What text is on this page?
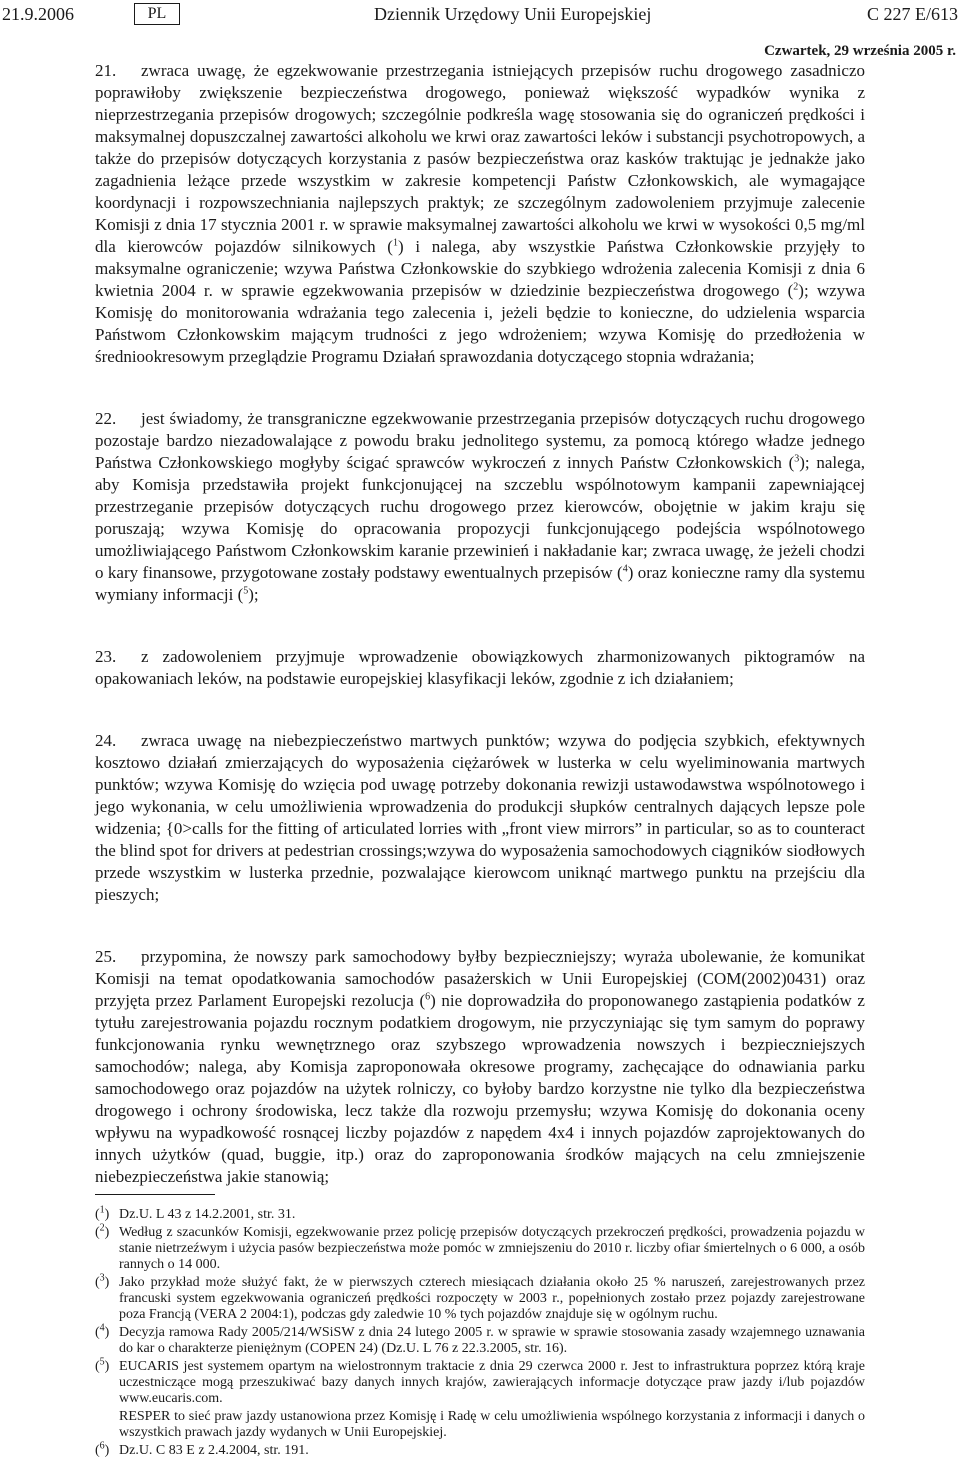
21.9.2006	PL	Dziennik Urzędowy Unii Europejskiej	C 227 E/613
Czwartek, 29 września 2005 r.

21. zwraca uwagę, że egzekwowanie przestrzegania istniejących przepisów ruchu drogowego zasadniczo poprawiłoby zwiększenie bezpieczeństwa drogowego, ponieważ większość wypadków wynika z nieprzestrzegania przepisów drogowych; szczególnie podkreśla wagę stosowania się do ograniczeń prędkości i maksymalnej dopuszczalnej zawartości alkoholu we krwi oraz zawartości leków i substancji psychotropowych, a także do przepisów dotyczących korzystania z pasów bezpieczeństwa oraz kasków traktując je jednakże jako zagadnienia leżące przede wszystkim w zakresie kompetencji Państw Członkowskich, ale wymagające koordynacji i rozpowszechniania najlepszych praktyk; ze szczególnym zadowoleniem przyjmuje zalecenie Komisji z dnia 17 stycznia 2001 r. w sprawie maksymalnej zawartości alkoholu we krwi w wysokości 0,5 mg/ml dla kierowców pojazdów silnikowych ($^1$) i nalega, aby wszystkie Państwa Członkowskie przyjęły to maksymalne ograniczenie; wzywa Państwa Członkowskie do szybkiego wdrożenia zalecenia Komisji z dnia 6 kwietnia 2004 r. w sprawie egzekwowania przepisów w dziedzinie bezpieczeństwa drogowego ($^2$); wzywa Komisję do monitorowania wdrażania tego zalecenia i, jeżeli będzie to konieczne, do udzielenia wsparcia Państwom Członkowskim mającym trudności z jego wdrożeniem; wzywa Komisję do przedłożenia w średniookresowym przeglądzie Programu Działań sprawozdania dotyczącego stopnia wdrażania;

22. jest świadomy, że transgraniczne egzekwowanie przestrzegania przepisów dotyczących ruchu drogowego pozostaje bardzo niezadowalające z powodu braku jednolitego systemu, za pomocą którego władze jednego Państwa Członkowskiego mogłyby ścigać sprawców wykroczeń z innych Państw Członkowskich ($^3$); nalega, aby Komisja przedstawiła projekt funkcjonującej na szczeblu wspólnotowym kampanii zapewniającej przestrzeganie przepisów dotyczących ruchu drogowego przez kierowców, obojętnie w jakim kraju się poruszają; wzywa Komisję do opracowania propozycji funkcjonującego podejścia wspólnotowego umożliwiającego Państwom Członkowskim karanie przewinień i nakładanie kar; zwraca uwagę, że jeżeli chodzi o kary finansowe, przygotowane zostały podstawy ewentualnych przepisów ($^4$) oraz konieczne ramy dla systemu wymiany informacji ($^5$);

23. z zadowoleniem przyjmuje wprowadzenie obowiązkowych zharmonizowanych piktogramów na opakowaniach leków, na podstawie europejskiej klasyfikacji leków, zgodnie z ich działaniem;

24. zwraca uwagę na niebezpieczeństwo martwych punktów; wzywa do podjęcia szybkich, efektywnych kosztowo działań zmierzających do wyposażenia ciężarówek w lusterka w celu wyeliminowania martwych punktów; wzywa Komisję do wzięcia pod uwagę potrzeby dokonania rewizji ustawodawstwa wspólnotowego i jego wykonania, w celu umożliwienia wprowadzenia do produkcji słupków centralnych dających lepsze pole widzenia; {0>calls for the fitting of articulated lorries with „front view mirrors” in particular, so as to counteract the blind spot for drivers at pedestrian crossings;wzywa do wyposażenia samochodowych ciągników siodłowych przede wszystkim w lusterka przednie, pozwalające kierowcom uniknąć martwego punktu na przejściu dla pieszych;

25. przypomina, że nowszy park samochodowy byłby bezpieczniejszy; wyraża ubolewanie, że komunikat Komisji na temat opodatkowania samochodów pasażerskich w Unii Europejskiej (COM(2002)0431) oraz przyjęta przez Parlament Europejski rezolucja ($^6$) nie doprowadziła do proponowanego zastąpienia podatków z tytułu zarejestrowania pojazdu rocznym podatkiem drogowym, nie przyczyniając się tym samym do poprawy funkcjonowania rynku wewnętrznego oraz szybszego wprowadzenia nowszych i bezpieczniejszych samochodów; nalega, aby Komisja zaproponowała okresowe programy, zachęcające do odnawiania parku samochodowego oraz pojazdów na użytek rolniczy, co byłoby bardzo korzystne nie tylko dla bezpieczeństwa drogowego i ochrony środowiska, lecz także dla rozwoju przemysłu; wzywa Komisję do dokonania oceny wpływu na wypadkowość rosnącej liczby pojazdów z napędem 4x4 i innych pojazdów zaprojektowanych do innych użytków (quad, buggie, itp.) oraz do zaproponowania środków mających na celu zmniejszenie niebezpieczeństwa jakie stanowią;

($^1$) Dz.U. L 43 z 14.2.2001, str. 31.
($^2$) Według z szacunków Komisji, egzekwowanie przez policję przepisów dotyczących przekroczeń prędkości, prowadzenia pojazdu w stanie nietrzeźwym i użycia pasów bezpieczeństwa może pomóc w zmniejszeniu do 2010 r. liczby ofiar śmiertelnych o 6 000, a osób rannych o 14 000.
($^3$) Jako przykład może służyć fakt, że w pierwszych czterech miesiącach działania około 25 % naruszeń, zarejestrowanych przez francuski system egzekwowania ograniczeń prędkości rozpoczęty w 2003 r., popełnionych zostało przez pojazdy zarejestrowane poza Francją (VERA 2 2004:1), podczas gdy zaledwie 10 % tych pojazdów znajduje się w ogólnym ruchu.
($^4$) Decyzja ramowa Rady 2005/214/WSiSW z dnia 24 lutego 2005 r. w sprawie w sprawie stosowania zasady wzajemnego uznawania do kar o charakterze pieniężnym (COPEN 24) (Dz.U. L 76 z 22.3.2005, str. 16).
($^5$) EUCARIS jest systemem opartym na wielostronnym traktacie z dnia 29 czerwca 2000 r. Jest to infrastruktura poprzez którą kraje uczestniczące mogą przeszukiwać bazy danych innych krajów, zawierających informacje dotyczące praw jazdy i/lub pojazdów www.eucaris.com.
RESPER to sieć praw jazdy ustanowiona przez Komisję i Radę w celu umożliwienia wspólnego korzystania z informacji i danych o wszystkich prawach jazdy wydanych w Unii Europejskiej.
($^6$) Dz.U. C 83 E z 2.4.2004, str. 191.
